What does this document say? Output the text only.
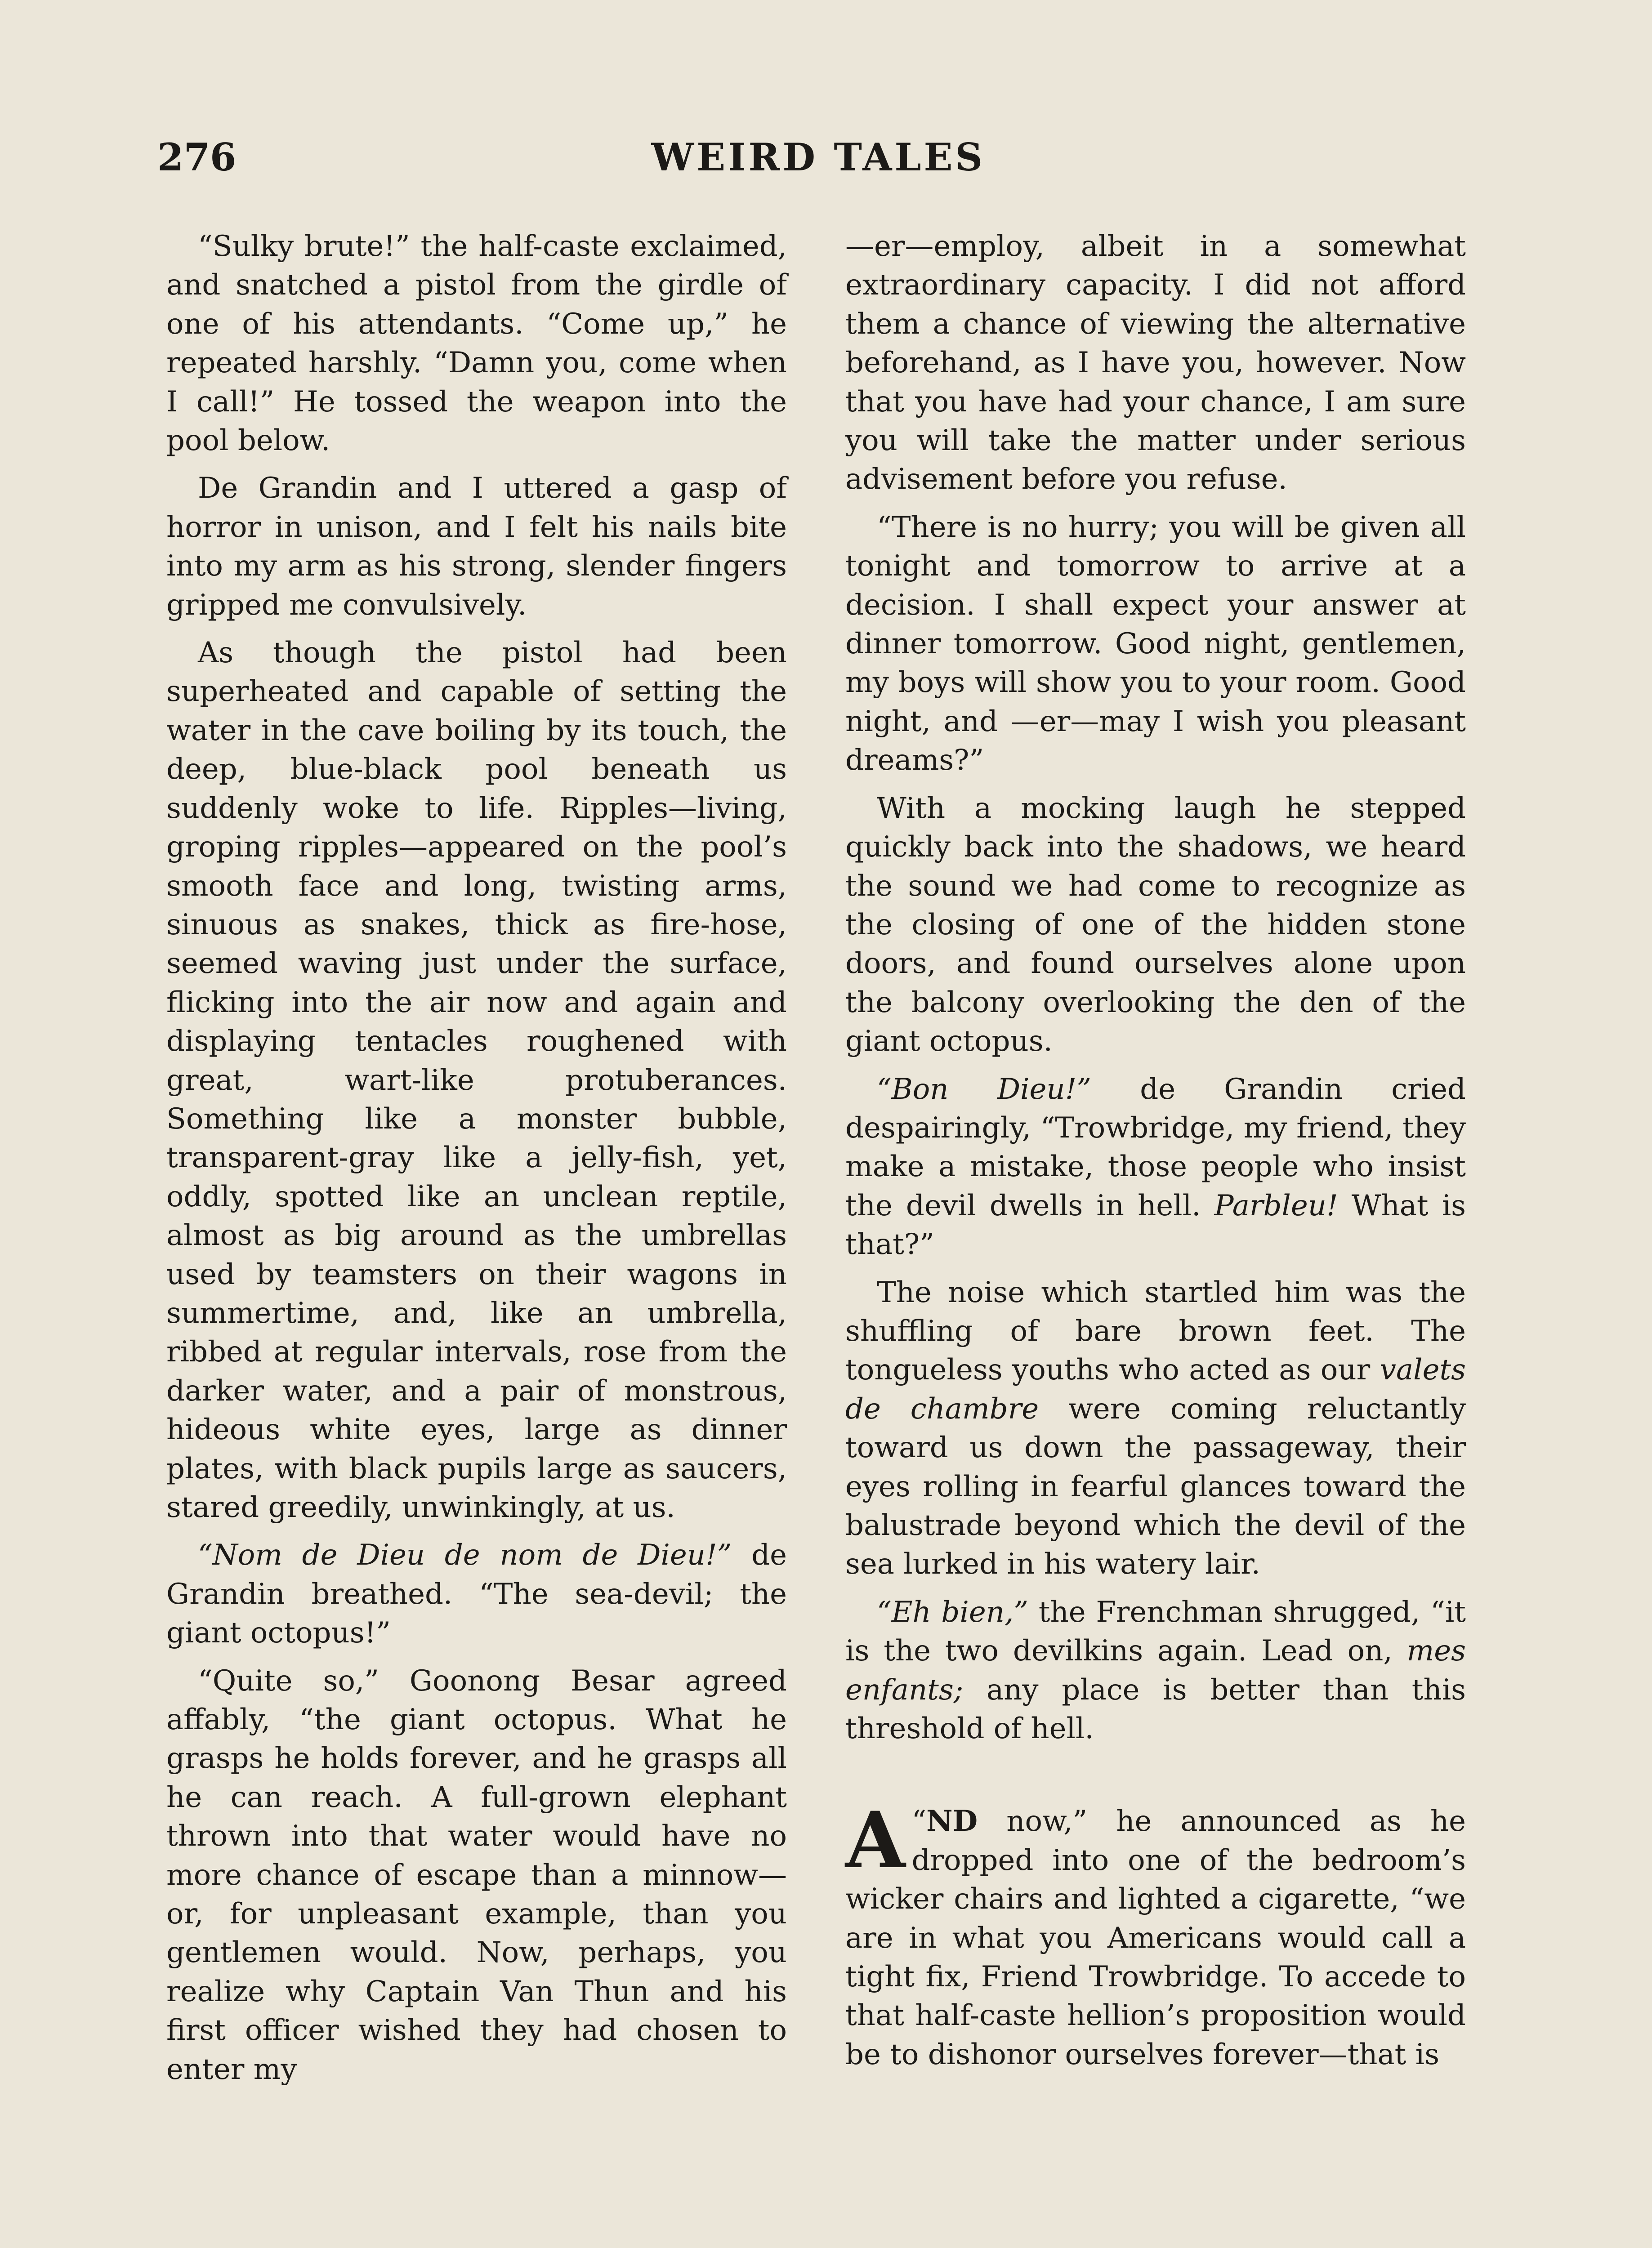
276	WEIRD TALES

“Sulky brute!” the half-caste exclaimed, and snatched a pistol from the girdle of one of his attendants. “Come up,” he repeated harshly. “Damn you, come when I call!” He tossed the weapon into the pool below.

De Grandin and I uttered a gasp of horror in unison, and I felt his nails bite into my arm as his strong, slender fingers gripped me convulsively.

As though the pistol had been superheated and capable of setting the water in the cave boiling by its touch, the deep, blue-black pool beneath us suddenly woke to life. Ripples—living, groping ripples—appeared on the pool’s smooth face and long, twisting arms, sinuous as snakes, thick as fire-hose, seemed waving just under the surface, flicking into the air now and again and displaying tentacles roughened with great, wart-like protuberances. Something like a monster bubble, transparent-gray like a jelly-fish, yet, oddly, spotted like an unclean reptile, almost as big around as the umbrellas used by teamsters on their wagons in summertime, and, like an umbrella, ribbed at regular intervals, rose from the darker water, and a pair of monstrous, hideous white eyes, large as dinner plates, with black pupils large as saucers, stared greedily, unwinkingly, at us.

“Nom de Dieu de nom de Dieu!” de Grandin breathed. “The sea-devil; the giant octopus!”

“Quite so,” Goonong Besar agreed affably, “the giant octopus. What he grasps he holds forever, and he grasps all he can reach. A full-grown elephant thrown into that water would have no more chance of escape than a minnow—or, for unpleasant example, than you gentlemen would. Now, perhaps, you realize why Captain Van Thun and his first officer wished they had chosen to enter my

—er—employ, albeit in a somewhat extraordinary capacity. I did not afford them a chance of viewing the alternative beforehand, as I have you, however. Now that you have had your chance, I am sure you will take the matter under serious advisement before you refuse.

“There is no hurry; you will be given all tonight and tomorrow to arrive at a decision. I shall expect your answer at dinner tomorrow. Good night, gentlemen, my boys will show you to your room. Good night, and —er—may I wish you pleasant dreams?”

With a mocking laugh he stepped quickly back into the shadows, we heard the sound we had come to recognize as the closing of one of the hidden stone doors, and found ourselves alone upon the balcony overlooking the den of the giant octopus.

“Bon Dieu!” de Grandin cried despairingly, “Trowbridge, my friend, they make a mistake, those people who insist the devil dwells in hell. Parbleu! What is that?”

The noise which startled him was the shuffling of bare brown feet. The tongueless youths who acted as our valets de chambre were coming reluctantly toward us down the passageway, their eyes rolling in fearful glances toward the balustrade beyond which the devil of the sea lurked in his watery lair.

“Eh bien,” the Frenchman shrugged, “it is the two devilkins again. Lead on, mes enfants; any place is better than this threshold of hell.

“
A ND now,” he announced as he dropped into one of the bedroom’s wicker chairs and lighted a cigarette, “we are in what you Americans would call a tight fix, Friend Trowbridge. To accede to that half-caste hellion’s proposition would be to dishonor ourselves forever—that is
